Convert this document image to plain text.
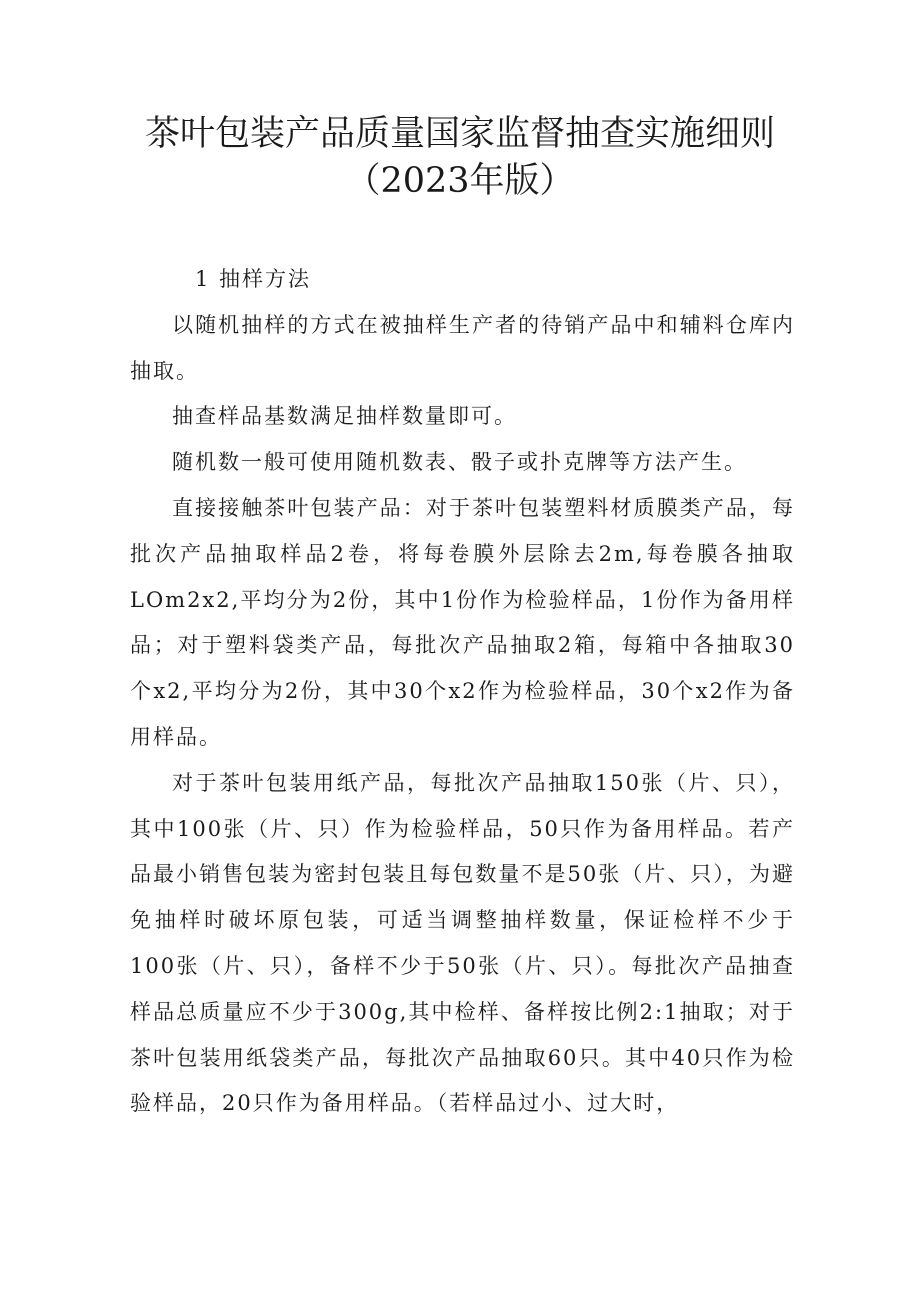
茶叶包装产品质量国家监督抽查实施细则
（2023年版）

1 抽样方法

以随机抽样的方式在被抽样生产者的待销产品中和辅料仓库内抽取。

抽查样品基数满足抽样数量即可。

随机数一般可使用随机数表、骰子或扑克牌等方法产生。

直接接触茶叶包装产品：对于茶叶包装塑料材质膜类产品，每批次产品抽取样品2卷，将每卷膜外层除去2m,每卷膜各抽取LOm2x2,平均分为2份，其中1份作为检验样品，1份作为备用样品；对于塑料袋类产品，每批次产品抽取2箱，每箱中各抽取30个x2,平均分为2份，其中30个x2作为检验样品，30个x2作为备用样品。

对于茶叶包装用纸产品，每批次产品抽取150张（片、只），其中100张（片、只）作为检验样品，50只作为备用样品。若产品最小销售包装为密封包装且每包数量不是50张（片、只），为避免抽样时破坏原包装，可适当调整抽样数量，保证检样不少于100张（片、只），备样不少于50张（片、只）。每批次产品抽查样品总质量应不少于300g,其中检样、备样按比例2:1抽取；对于茶叶包装用纸袋类产品，每批次产品抽取60只。其中40只作为检验样品，20只作为备用样品。（若样品过小、过大时，
